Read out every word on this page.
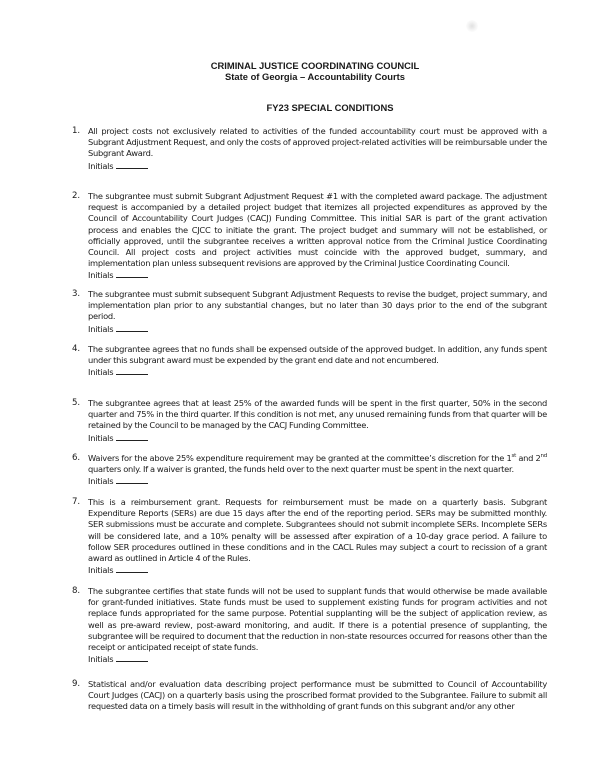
CRIMINAL JUSTICE COORDINATING COUNCIL
State of Georgia – Accountability Courts
FY23 SPECIAL CONDITIONS
1. All project costs not exclusively related to activities of the funded accountability court must be approved with a Subgrant Adjustment Request, and only the costs of approved project-related activities will be reimbursable under the Subgrant Award.
Initials
2. The subgrantee must submit Subgrant Adjustment Request #1 with the completed award package. The adjustment request is accompanied by a detailed project budget that itemizes all projected expenditures as approved by the Council of Accountability Court Judges (CACJ) Funding Committee. This initial SAR is part of the grant activation process and enables the CJCC to initiate the grant. The project budget and summary will not be established, or officially approved, until the subgrantee receives a written approval notice from the Criminal Justice Coordinating Council. All project costs and project activities must coincide with the approved budget, summary, and implementation plan unless subsequent revisions are approved by the Criminal Justice Coordinating Council.
Initials
3. The subgrantee must submit subsequent Subgrant Adjustment Requests to revise the budget, project summary, and implementation plan prior to any substantial changes, but no later than 30 days prior to the end of the subgrant period.
Initials
4. The subgrantee agrees that no funds shall be expensed outside of the approved budget. In addition, any funds spent under this subgrant award must be expended by the grant end date and not encumbered.
Initials
5. The subgrantee agrees that at least 25% of the awarded funds will be spent in the first quarter, 50% in the second quarter and 75% in the third quarter. If this condition is not met, any unused remaining funds from that quarter will be retained by the Council to be managed by the CACJ Funding Committee.
Initials
6. Waivers for the above 25% expenditure requirement may be granted at the committee’s discretion for the 1st and 2nd quarters only. If a waiver is granted, the funds held over to the next quarter must be spent in the next quarter.
Initials
7. This is a reimbursement grant. Requests for reimbursement must be made on a quarterly basis. Subgrant Expenditure Reports (SERs) are due 15 days after the end of the reporting period. SERs may be submitted monthly. SER submissions must be accurate and complete. Subgrantees should not submit incomplete SERs. Incomplete SERs will be considered late, and a 10% penalty will be assessed after expiration of a 10-day grace period. A failure to follow SER procedures outlined in these conditions and in the CACL Rules may subject a court to recission of a grant award as outlined in Article 4 of the Rules.
Initials
8. The subgrantee certifies that state funds will not be used to supplant funds that would otherwise be made available for grant-funded initiatives. State funds must be used to supplement existing funds for program activities and not replace funds appropriated for the same purpose. Potential supplanting will be the subject of application review, as well as pre-award review, post-award monitoring, and audit. If there is a potential presence of supplanting, the subgrantee will be required to document that the reduction in non-state resources occurred for reasons other than the receipt or anticipated receipt of state funds.
Initials
9. Statistical and/or evaluation data describing project performance must be submitted to Council of Accountability Court Judges (CACJ) on a quarterly basis using the proscribed format provided to the Subgrantee. Failure to submit all requested data on a timely basis will result in the withholding of grant funds on this subgrant and/or any other
